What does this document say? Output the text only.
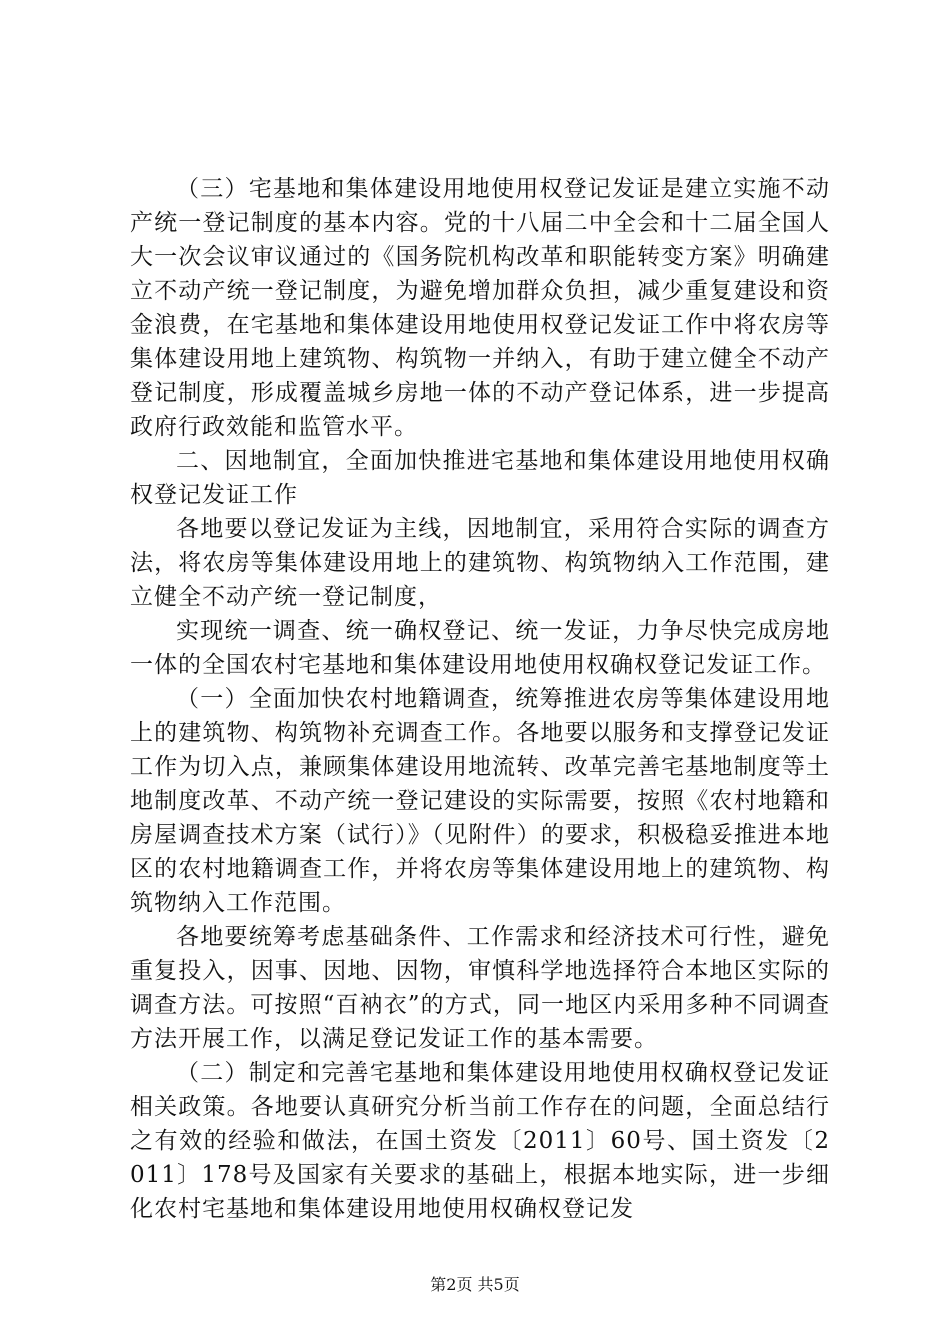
（三）宅基地和集体建设用地使用权登记发证是建立实施不动产统一登记制度的基本内容。党的十八届二中全会和十二届全国人大一次会议审议通过的《国务院机构改革和职能转变方案》明确建立不动产统一登记制度，为避免增加群众负担，减少重复建设和资金浪费，在宅基地和集体建设用地使用权登记发证工作中将农房等集体建设用地上建筑物、构筑物一并纳入，有助于建立健全不动产登记制度，形成覆盖城乡房地一体的不动产登记体系，进一步提高政府行政效能和监管水平。

二、因地制宜，全面加快推进宅基地和集体建设用地使用权确权登记发证工作

各地要以登记发证为主线，因地制宜，采用符合实际的调查方法，将农房等集体建设用地上的建筑物、构筑物纳入工作范围，建立健全不动产统一登记制度，

实现统一调查、统一确权登记、统一发证，力争尽快完成房地一体的全国农村宅基地和集体建设用地使用权确权登记发证工作。

（一）全面加快农村地籍调查，统筹推进农房等集体建设用地上的建筑物、构筑物补充调查工作。各地要以服务和支撑登记发证工作为切入点，兼顾集体建设用地流转、改革完善宅基地制度等土地制度改革、不动产统一登记建设的实际需要，按照《农村地籍和房屋调查技术方案（试行）》（见附件）的要求，积极稳妥推进本地区的农村地籍调查工作，并将农房等集体建设用地上的建筑物、构筑物纳入工作范围。

各地要统筹考虑基础条件、工作需求和经济技术可行性，避免重复投入，因事、因地、因物，审慎科学地选择符合本地区实际的调查方法。可按照“百衲衣”的方式，同一地区内采用多种不同调查方法开展工作，以满足登记发证工作的基本需要。

（二）制定和完善宅基地和集体建设用地使用权确权登记发证相关政策。各地要认真研究分析当前工作存在的问题，全面总结行之有效的经验和做法，在国土资发〔2011〕60号、国土资发〔2011〕178号及国家有关要求的基础上，根据本地实际，进一步细化农村宅基地和集体建设用地使用权确权登记发

第2页 共5页
